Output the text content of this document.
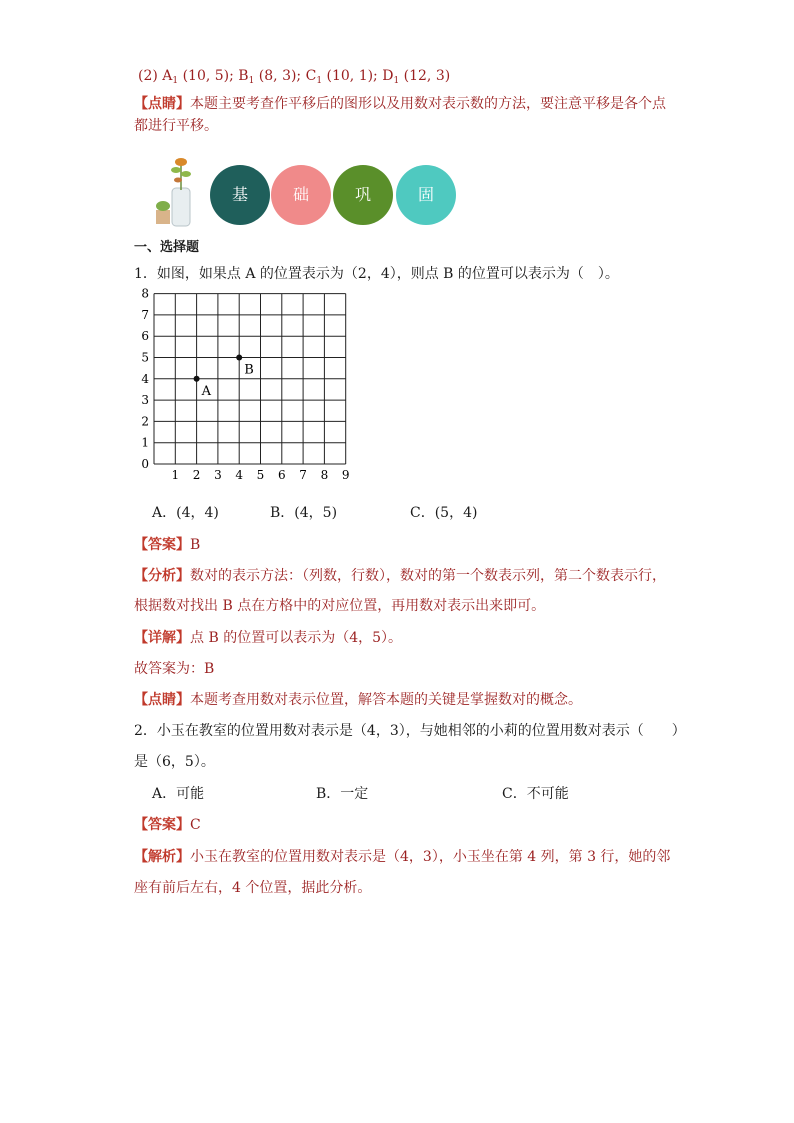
(2) $A_1$ (10, 5); $B_1$ (8, 3); $C_1$ (10, 1); $D_1$ (12, 3)
【点睛】本题主要考查作平移后的图形以及用数对表示数的方法，要注意平移是各个点
都进行平移。
基	础	巩	固
一、选择题
1．如图，如果点 A 的位置表示为（2，4），则点 B 的位置可以表示为（　）。
1 2 3 4 5 6 7 8 9
0
1
2
3
4
5
6
7
8
A
B
A．(4，4)	B．(4，5)	C．(5，4)
【答案】B
【分析】数对的表示方法：（列数，行数），数对的第一个数表示列，第二个数表示行，
根据数对找出 B 点在方格中的对应位置，再用数对表示出来即可。
【详解】点 B 的位置可以表示为（4，5）。
故答案为：B
【点睛】本题考查用数对表示位置，解答本题的关键是掌握数对的概念。
2．小玉在教室的位置用数对表示是（4，3），与她相邻的小莉的位置用数对表示（　　）
是（6，5）。
A．可能	B．一定	C．不可能
【答案】C
【解析】小玉在教室的位置用数对表示是（4，3），小玉坐在第 4 列，第 3 行，她的邻
座有前后左右，4 个位置，据此分析。
